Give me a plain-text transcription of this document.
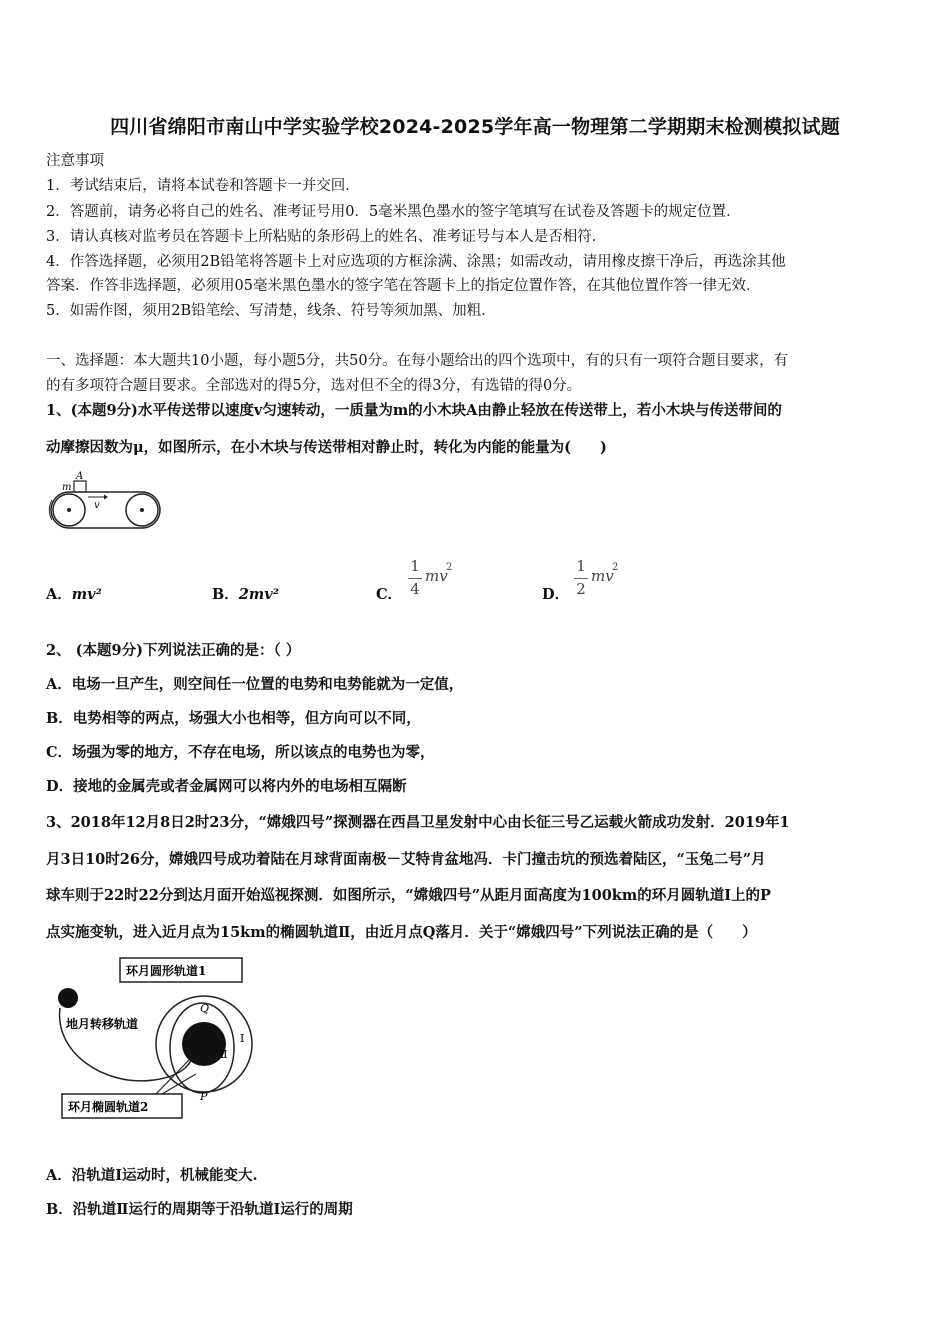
四川省绵阳市南山中学实验学校2024-2025学年高一物理第二学期期末检测模拟试题
注意事项
1．考试结束后，请将本试卷和答题卡一并交回．
2．答题前，请务必将自己的姓名、准考证号用0．5毫米黑色墨水的签字笔填写在试卷及答题卡的规定位置．
3．请认真核对监考员在答题卡上所粘贴的条形码上的姓名、准考证号与本人是否相符．
4．作答选择题，必须用2B铅笔将答题卡上对应选项的方框涂满、涂黑；如需改动，请用橡皮擦干净后，再选涂其他
答案．作答非选择题，必须用05毫米黑色墨水的签字笔在答题卡上的指定位置作答，在其他位置作答一律无效．
5．如需作图，须用2B铅笔绘、写清楚，线条、符号等须加黑、加粗．
一、选择题：本大题共10小题，每小题5分，共50分。在每小题给出的四个选项中，有的只有一项符合题目要求，有
的有多项符合题目要求。全部选对的得5分，选对但不全的得3分，有选错的得0分。
1、(本题9分)水平传送带以速度v匀速转动，一质量为m的小木块A由静止轻放在传送带上，若小木块与传送带间的
动摩擦因数为μ，如图所示，在小木块与传送带相对静止时，转化为内能的能量为(　　)
A
m
v
A．mv²	B．2mv²	C．
1
4
mv
2
D．
1
2
mv
2
2、 (本题9分)下列说法正确的是：（ ）
A．电场一旦产生，则空间任一位置的电势和电势能就为一定值，
B．电势相等的两点，场强大小也相等，但方向可以不同，
C．场强为零的地方，不存在电场，所以该点的电势也为零，
D．接地的金属壳或者金属网可以将内外的电场相互隔断
3、2018年12月8日2时23分，“嫦娥四号”探测器在西昌卫星发射中心由长征三号乙运载火箭成功发射．2019年1
月3日10时26分，嫦娥四号成功着陆在月球背面南极－艾特肯盆地冯．卡门撞击坑的预选着陆区，“玉兔二号”月
球车则于22时22分到达月面开始巡视探测．如图所示，“嫦娥四号”从距月面高度为100km的环月圆轨道Ⅰ上的P
点实施变轨，进入近月点为15km的椭圆轨道Ⅱ，由近月点Q落月．关于“嫦娥四号”下列说法正确的是（　　）
环月圆形轨道1
地月转移轨道
Q
P
I
Ⅱ
环月椭圆轨道2
A．沿轨道Ⅰ运动时，机械能变大.
B．沿轨道Ⅱ运行的周期等于沿轨道Ⅰ运行的周期
